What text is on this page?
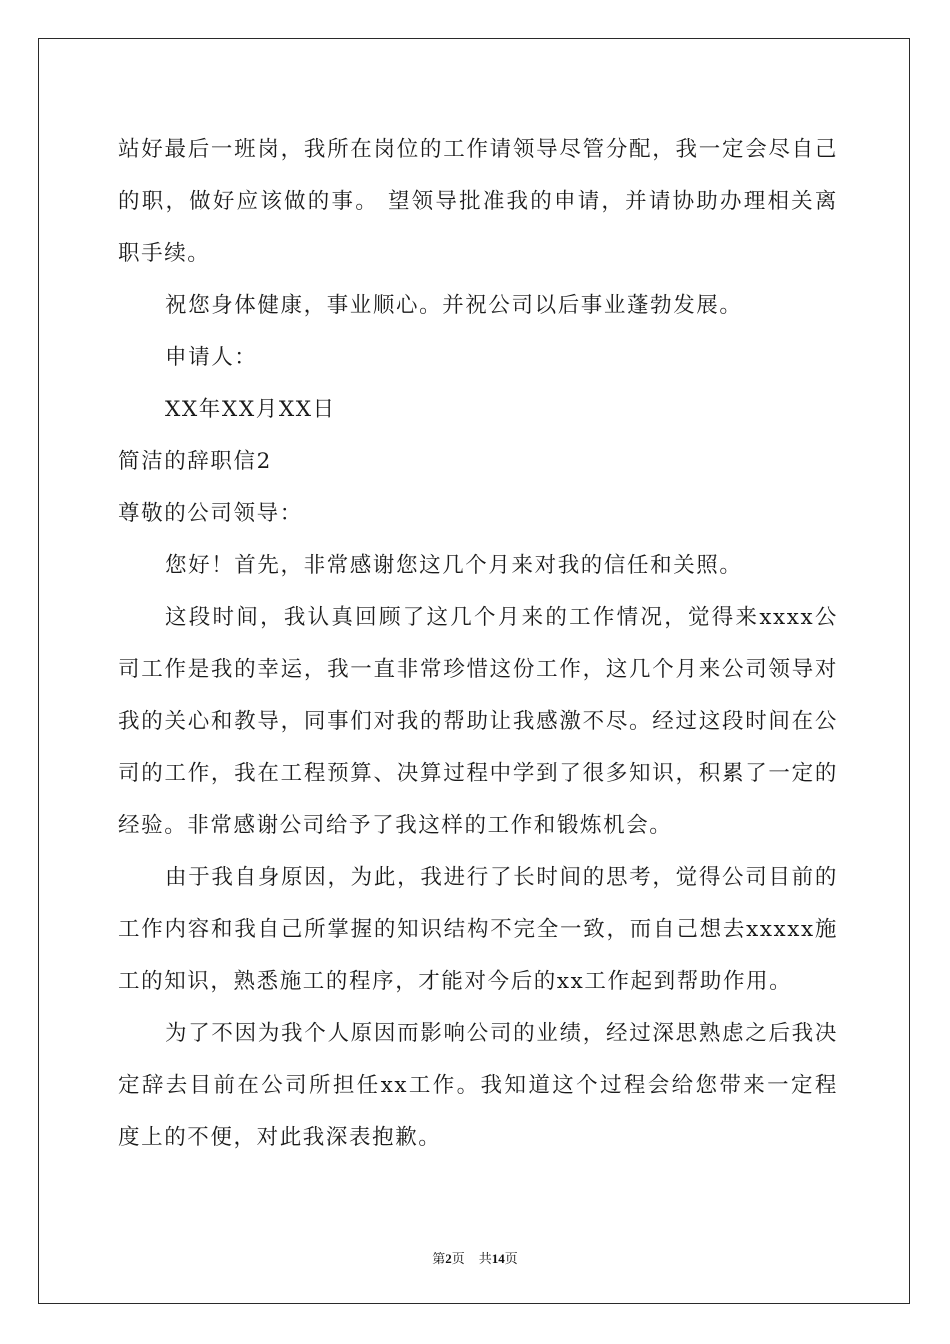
站好最后一班岗，我所在岗位的工作请领导尽管分配，我一定会尽自己的职，做好应该做的事。 望领导批准我的申请，并请协助办理相关离职手续。

祝您身体健康，事业顺心。并祝公司以后事业蓬勃发展。

申请人：

XX年XX月XX日

简洁的辞职信2

尊敬的公司领导：

您好！首先，非常感谢您这几个月来对我的信任和关照。

这段时间，我认真回顾了这几个月来的工作情况，觉得来xxxx公司工作是我的幸运，我一直非常珍惜这份工作，这几个月来公司领导对我的关心和教导，同事们对我的帮助让我感激不尽。经过这段时间在公司的工作，我在工程预算、决算过程中学到了很多知识，积累了一定的经验。非常感谢公司给予了我这样的工作和锻炼机会。

由于我自身原因，为此，我进行了长时间的思考，觉得公司目前的工作内容和我自己所掌握的知识结构不完全一致，而自己想去xxxxx施工的知识，熟悉施工的程序，才能对今后的xx工作起到帮助作用。

为了不因为我个人原因而影响公司的业绩，经过深思熟虑之后我决定辞去目前在公司所担任xx工作。我知道这个过程会给您带来一定程度上的不便，对此我深表抱歉。

第2页 共14页
